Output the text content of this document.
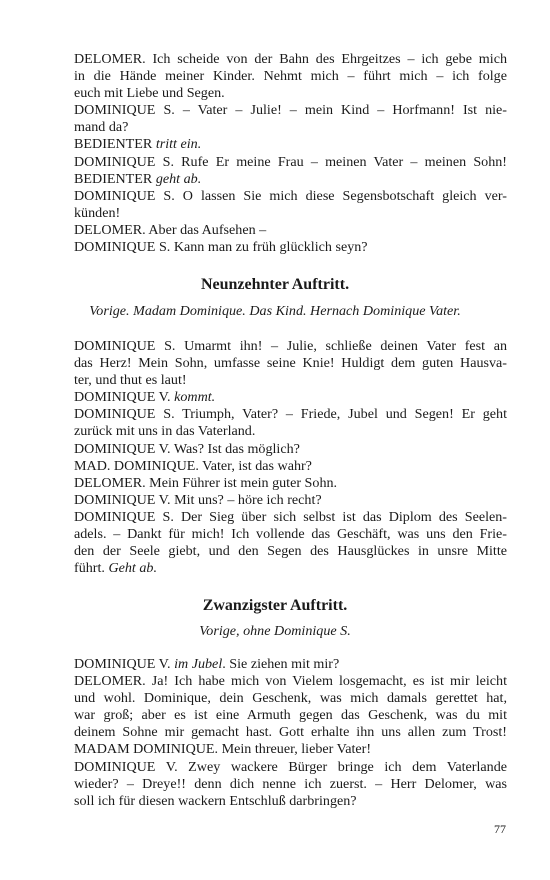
DELOMER. Ich scheide von der Bahn des Ehrgeitzes – ich gebe mich
in die Hände meiner Kinder. Nehmt mich – führt mich – ich folge
euch mit Liebe und Segen.
DOMINIQUE S. – Vater – Julie! – mein Kind – Horfmann! Ist nie-
mand da?
BEDIENTER tritt ein.
DOMINIQUE S. Rufe Er meine Frau – meinen Vater – meinen Sohn!
BEDIENTER geht ab.
DOMINIQUE S. O lassen Sie mich diese Segensbotschaft gleich ver-
künden!
DELOMER. Aber das Aufsehen –
DOMINIQUE S. Kann man zu früh glücklich seyn?
Neunzehnter Auftritt.
Vorige. Madam Dominique. Das Kind. Hernach Dominique Vater.
DOMINIQUE S. Umarmt ihn! – Julie, schließe deinen Vater fest an
das Herz! Mein Sohn, umfasse seine Knie! Huldigt dem guten Hausva-
ter, und thut es laut!
DOMINIQUE V. kommt.
DOMINIQUE S. Triumph, Vater? – Friede, Jubel und Segen! Er geht
zurück mit uns in das Vaterland.
DOMINIQUE V. Was? Ist das möglich?
MAD. DOMINIQUE. Vater, ist das wahr?
DELOMER. Mein Führer ist mein guter Sohn.
DOMINIQUE V. Mit uns? – höre ich recht?
DOMINIQUE S. Der Sieg über sich selbst ist das Diplom des Seelen-
adels. – Dankt für mich! Ich vollende das Geschäft, was uns den Frie-
den der Seele giebt, und den Segen des Hausglückes in unsre Mitte
führt. Geht ab.
Zwanzigster Auftritt.
Vorige, ohne Dominique S.
DOMINIQUE V. im Jubel. Sie ziehen mit mir?
DELOMER. Ja! Ich habe mich von Vielem losgemacht, es ist mir leicht
und wohl. Dominique, dein Geschenk, was mich damals gerettet hat,
war groß; aber es ist eine Armuth gegen das Geschenk, was du mit
deinem Sohne mir gemacht hast. Gott erhalte ihn uns allen zum Trost!
MADAM DOMINIQUE. Mein threuer, lieber Vater!
DOMINIQUE V. Zwey wackere Bürger bringe ich dem Vaterlande
wieder? – Dreye!! denn dich nenne ich zuerst. – Herr Delomer, was
soll ich für diesen wackern Entschluß darbringen?
77
